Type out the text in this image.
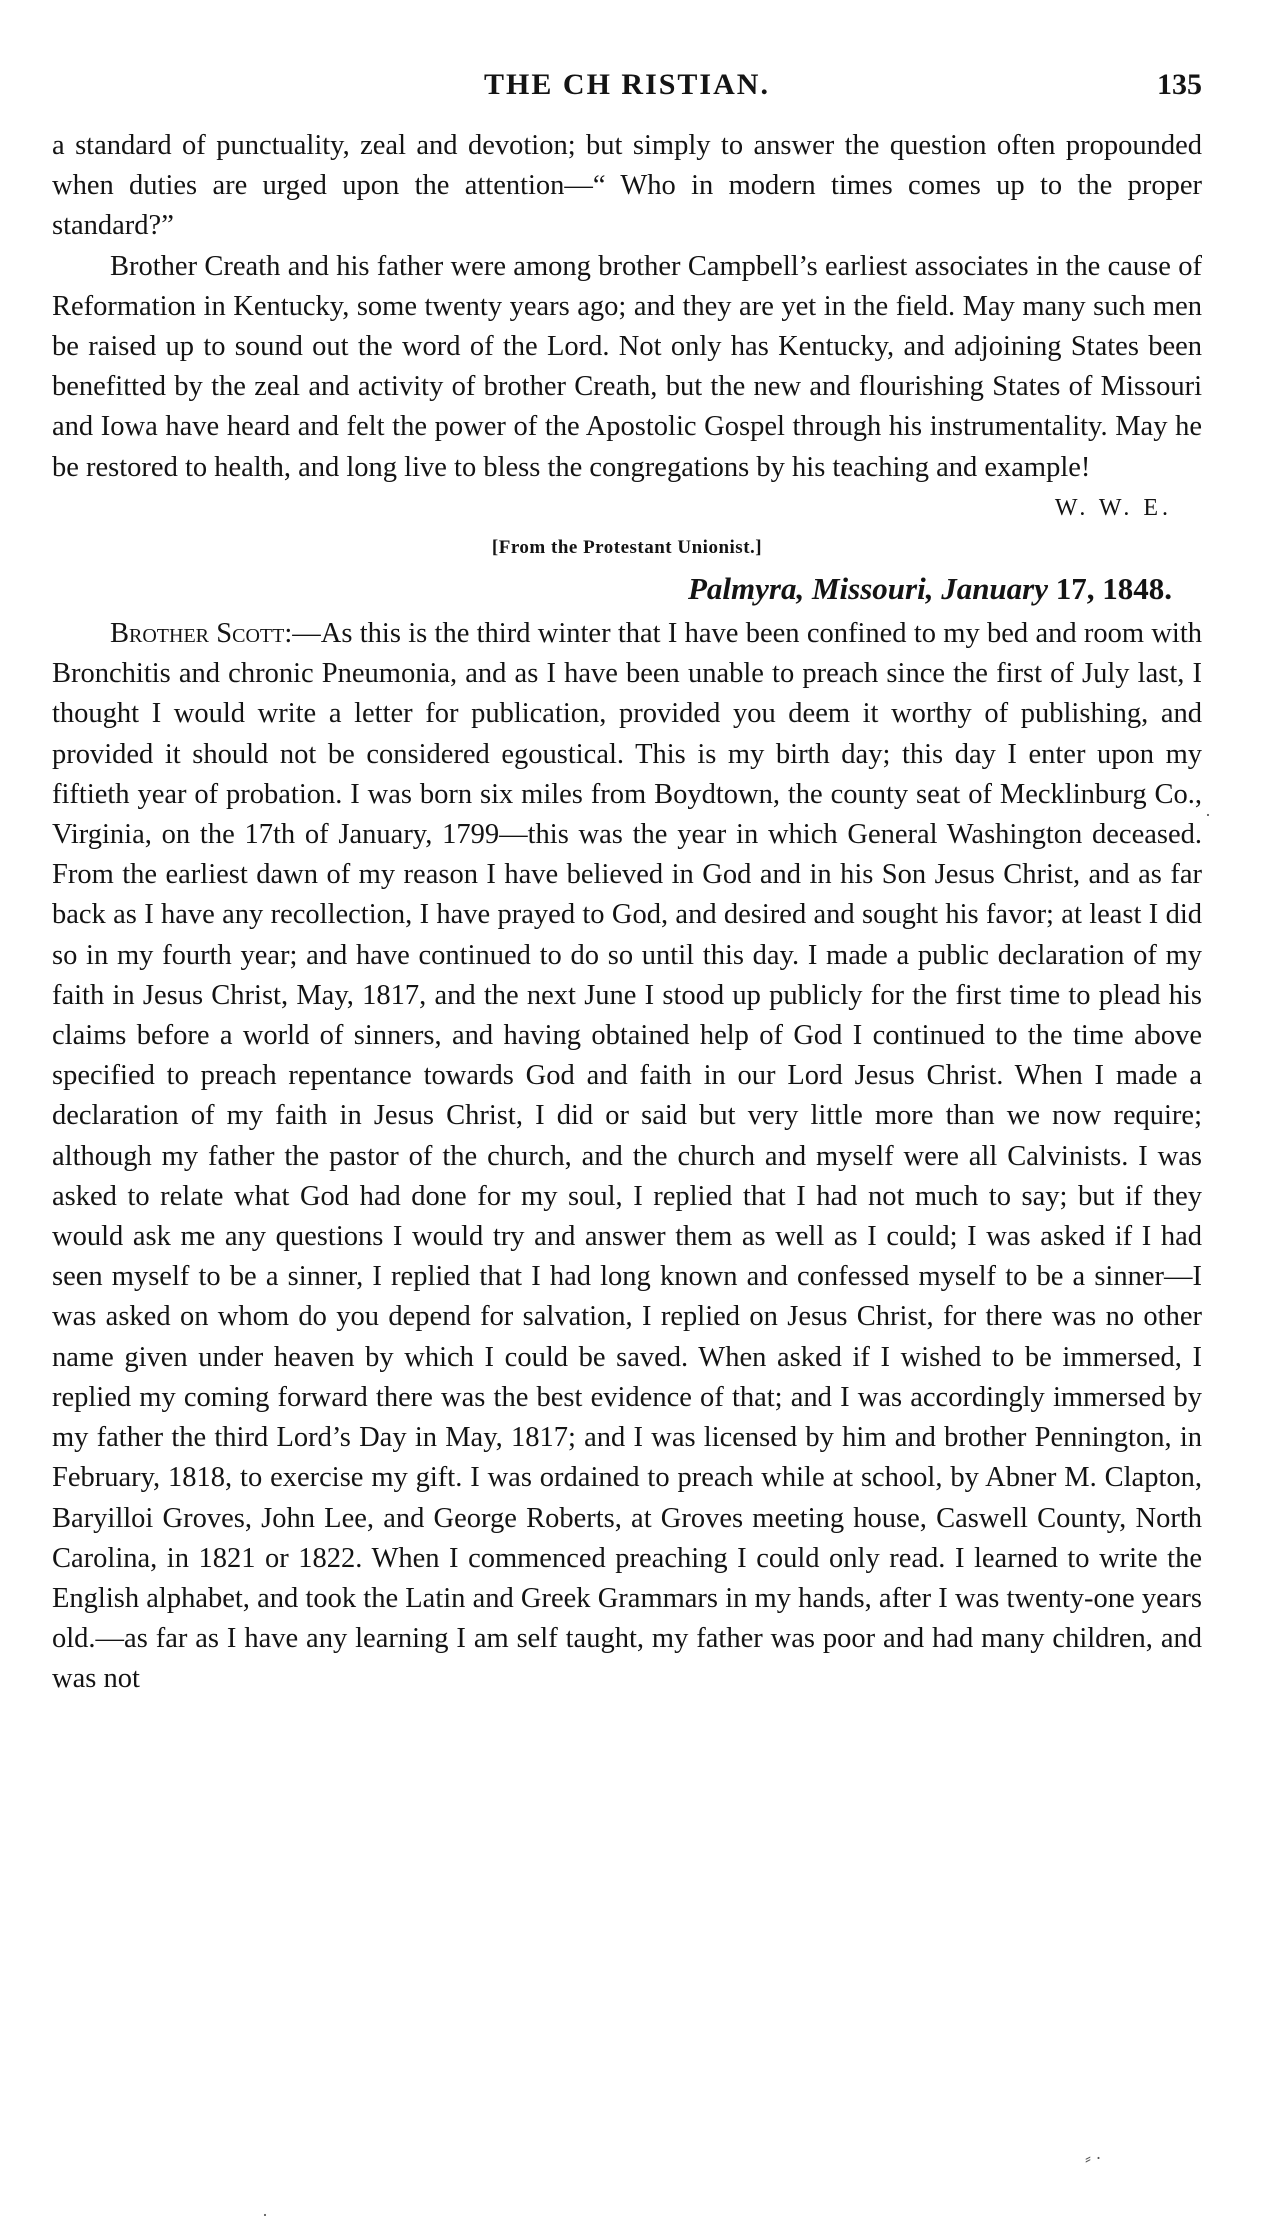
THE CH RISTIAN.	135

a standard of punctuality, zeal and devotion; but simply to answer the question often propounded when duties are urged upon the attention—“ Who in modern times comes up to the proper standard?”

Brother Creath and his father were among brother Campbell’s earliest associates in the cause of Reformation in Kentucky, some twenty years ago; and they are yet in the field. May many such men be raised up to sound out the word of the Lord. Not only has Kentucky, and adjoining States been benefitted by the zeal and activity of brother Creath, but the new and flourishing States of Missouri and Iowa have heard and felt the power of the Apostolic Gospel through his instrumentality. May he be restored to health, and long live to bless the congregations by his teaching and example!

W. W. E.
[From the Protestant Unionist.]
Palmyra, Missouri, January 17, 1848.

Brother Scott:—As this is the third winter that I have been confined to my bed and room with Bronchitis and chronic Pneumonia, and as I have been unable to preach since the first of July last, I thought I would write a letter for publication, provided you deem it worthy of publishing, and provided it should not be considered egoustical. This is my birth day; this day I enter upon my fiftieth year of probation. I was born six miles from Boydtown, the county seat of Mecklinburg Co., Virginia, on the 17th of January, 1799—this was the year in which General Washington deceased. From the earliest dawn of my reason I have believed in God and in his Son Jesus Christ, and as far back as I have any recollection, I have prayed to God, and desired and sought his favor; at least I did so in my fourth year; and have continued to do so until this day. I made a public declaration of my faith in Jesus Christ, May, 1817, and the next June I stood up publicly for the first time to plead his claims before a world of sinners, and having obtained help of God I continued to the time above specified to preach repentance towards God and faith in our Lord Jesus Christ. When I made a declaration of my faith in Jesus Christ, I did or said but very little more than we now require; although my father the pastor of the church, and the church and myself were all Calvinists. I was asked to relate what God had done for my soul, I replied that I had not much to say; but if they would ask me any questions I would try and answer them as well as I could; I was asked if I had seen myself to be a sinner, I replied that I had long known and confessed myself to be a sinner—I was asked on whom do you depend for salvation, I replied on Jesus Christ, for there was no other name given under heaven by which I could be saved. When asked if I wished to be immersed, I replied my coming forward there was the best evidence of that; and I was accordingly immersed by my father the third Lord’s Day in May, 1817; and I was licensed by him and brother Pennington, in February, 1818, to exercise my gift. I was ordained to preach while at school, by Abner M. Clapton, Baryilloi Groves, John Lee, and George Roberts, at Groves meeting house, Caswell County, North Carolina, in 1821 or 1822. When I commenced preaching I could only read. I learned to write the English alphabet, and took the Latin and Greek Grammars in my hands, after I was twenty-one years old.—as far as I have any learning I am self taught, my father was poor and had many children, and was not

·
⸗ ·
·
